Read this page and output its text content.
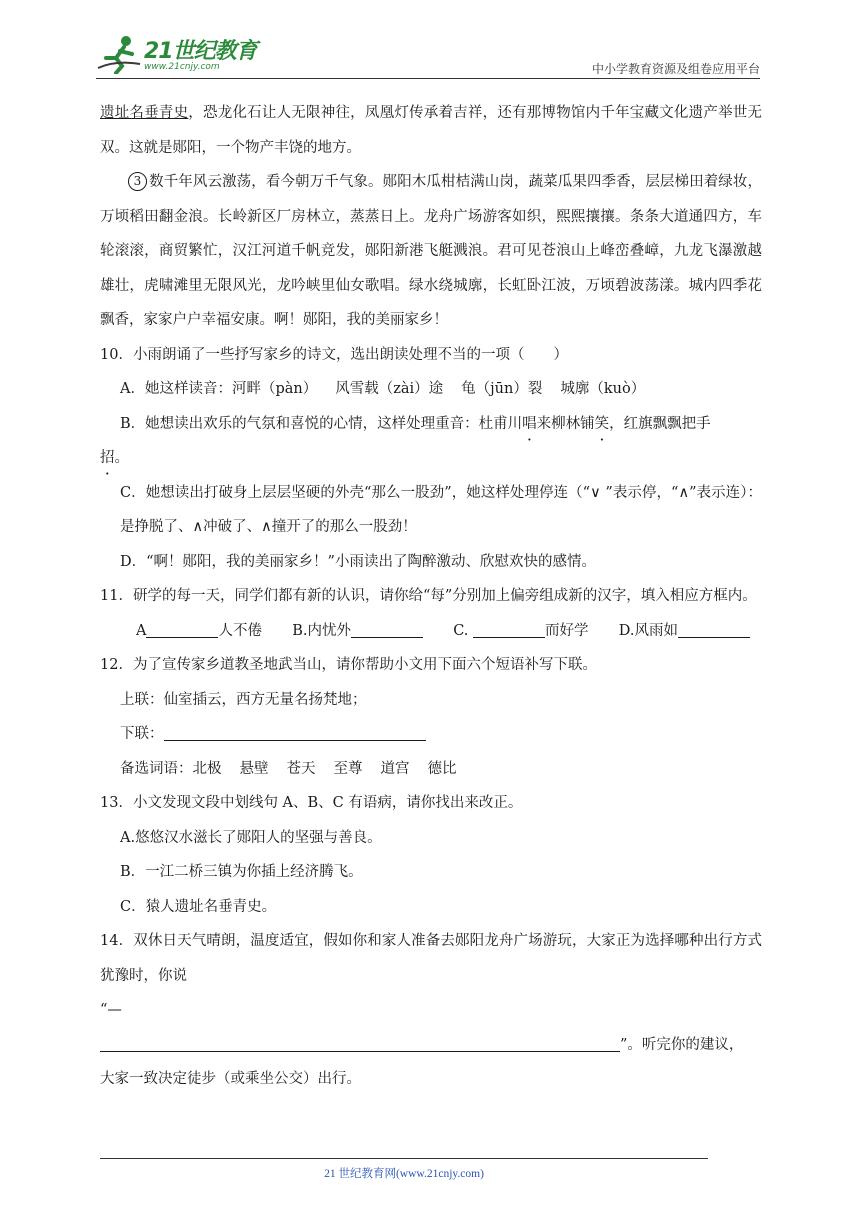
21世纪教育
www.21cnjy.com	中小学教育资源及组卷应用平台

遗址名垂青史，恐龙化石让人无限神往，凤凰灯传承着吉祥，还有那博物馆内千年宝藏文化遗产举世无双。这就是郧阳，一个物产丰饶的地方。

3 数千年风云激荡，看今朝万千气象。郧阳木瓜柑桔满山岗，蔬菜瓜果四季香，层层梯田着绿妆，万顷稻田翻金浪。长岭新区厂房林立，蒸蒸日上。龙舟广场游客如织，熙熙攘攘。条条大道通四方，车轮滚滚，商贸繁忙，汉江河道千帆竞发，郧阳新港飞艇溅浪。君可见苍浪山上峰峦叠嶂，九龙飞瀑激越雄壮，虎啸滩里无限风光，龙吟峡里仙女歌唱。绿水绕城廓，长虹卧江波，万顷碧波荡漾。城内四季花飘香，家家户户幸福安康。啊！郧阳，我的美丽家乡！

10．小雨朗诵了一些抒写家乡的诗文，选出朗读处理不当的一项（　　）

A．她这样读音：河畔（pàn） 风雪载（zài）途 龟（jūn）裂 城廓（kuò）

B．她想读出欢乐的气氛和喜悦的心情，这样处理重音：杜甫川唱来柳林铺笑，红旗飘飘把手
招。

C．她想读出打破身上层层坚硬的外壳“那么一股劲”，她这样处理停连（“∨ ”表示停，“∧”表示连）：是挣脱了、∧冲破了、∧撞开了的那么一股劲！

D．“啊！郧阳，我的美丽家乡！”小雨读出了陶醉激动、欣慰欢快的感情。

11．研学的每一天，同学们都有新的认识，请你给“每”分别加上偏旁组成新的汉字，填入相应方框内。

A	人不倦 B.内忧外	C.	而好学 D.风雨如

12．为了宣传家乡道教圣地武当山，请你帮助小文用下面六个短语补写下联。

上联：仙室插云，西方无量名扬梵地；

下联：

备选词语：北极 悬壁 苍天 至尊 道宫 德比

13．小文发现文段中划线句 A、B、C 有语病，请你找出来改正。

A.悠悠汉水滋长了郧阳人的坚强与善良。

B．一江二桥三镇为你插上经济腾飞。

C．猿人遗址名垂青史。

14．双休日天气晴朗，温度适宜，假如你和家人准备去郧阳龙舟广场游玩，大家正为选择哪种出行方式犹豫时，你说

“—

”。听完你的建议，

大家一致决定徒步（或乘坐公交）出行。

21 世纪教育网(www.21cnjy.com)
